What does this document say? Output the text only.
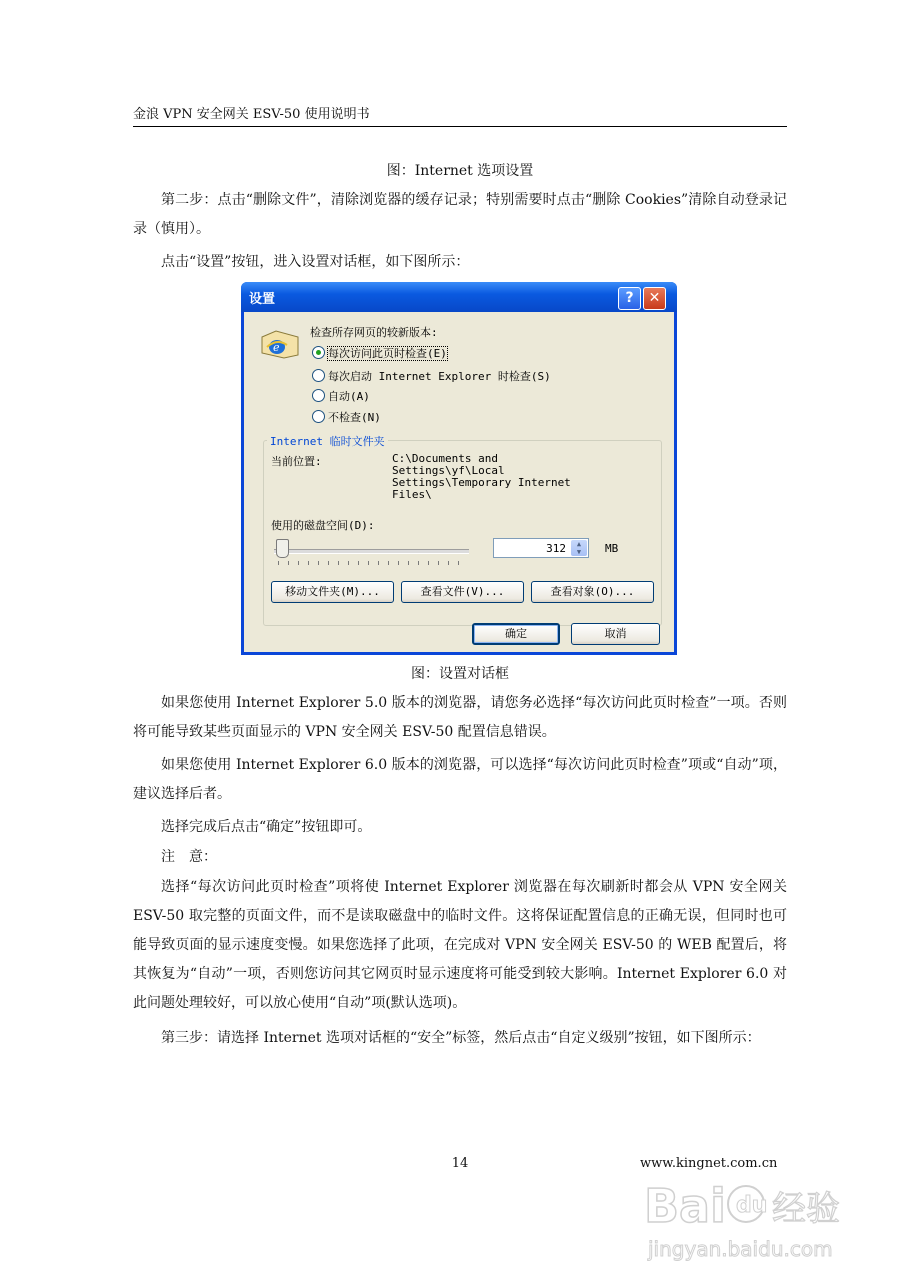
金浪 VPN 安全网关 ESV-50 使用说明书
图：Internet 选项设置

第二步：点击“删除文件”，清除浏览器的缓存记录；特别需要时点击“删除 Cookies”清除自动登录记录（慎用）。

点击“设置”按钮，进入设置对话框，如下图所示：

设置	?	✕
e
检查所存网页的较新版本:
每次访问此页时检查(E)
每次启动 Internet Explorer 时检查(S)
自动(A)
不检查(N)
Internet 临时文件夹
当前位置:	C:\Documents and
Settings\yf\Local
Settings\Temporary Internet
Files\
使用的磁盘空间(D):
312	▲
▼	MB
移动文件夹(M)...	查看文件(V)...	查看对象(O)...
确定	取消
图：设置对话框

如果您使用 Internet Explorer 5.0 版本的浏览器，请您务必选择“每次访问此页时检查”一项。否则将可能导致某些页面显示的 VPN 安全网关 ESV-50 配置信息错误。

如果您使用 Internet Explorer 6.0 版本的浏览器，可以选择“每次访问此页时检查”项或“自动”项，建议选择后者。

选择完成后点击“确定”按钮即可。

注　意：

选择“每次访问此页时检查”项将使 Internet Explorer 浏览器在每次刷新时都会从 VPN 安全网关 ESV-50 取完整的页面文件，而不是读取磁盘中的临时文件。这将保证配置信息的正确无误，但同时也可能导致页面的显示速度变慢。如果您选择了此项，在完成对 VPN 安全网关 ESV-50 的 WEB 配置后，将其恢复为“自动”一项，否则您访问其它网页时显示速度将可能受到较大影响。Internet Explorer 6.0 对此问题处理较好，可以放心使用“自动”项(默认选项)。

第三步：请选择 Internet 选项对话框的“安全”标签，然后点击“自定义级别”按钮，如下图所示：

14	www.kingnet.com.cn
Bai du 经验
jingyan.baidu.com
